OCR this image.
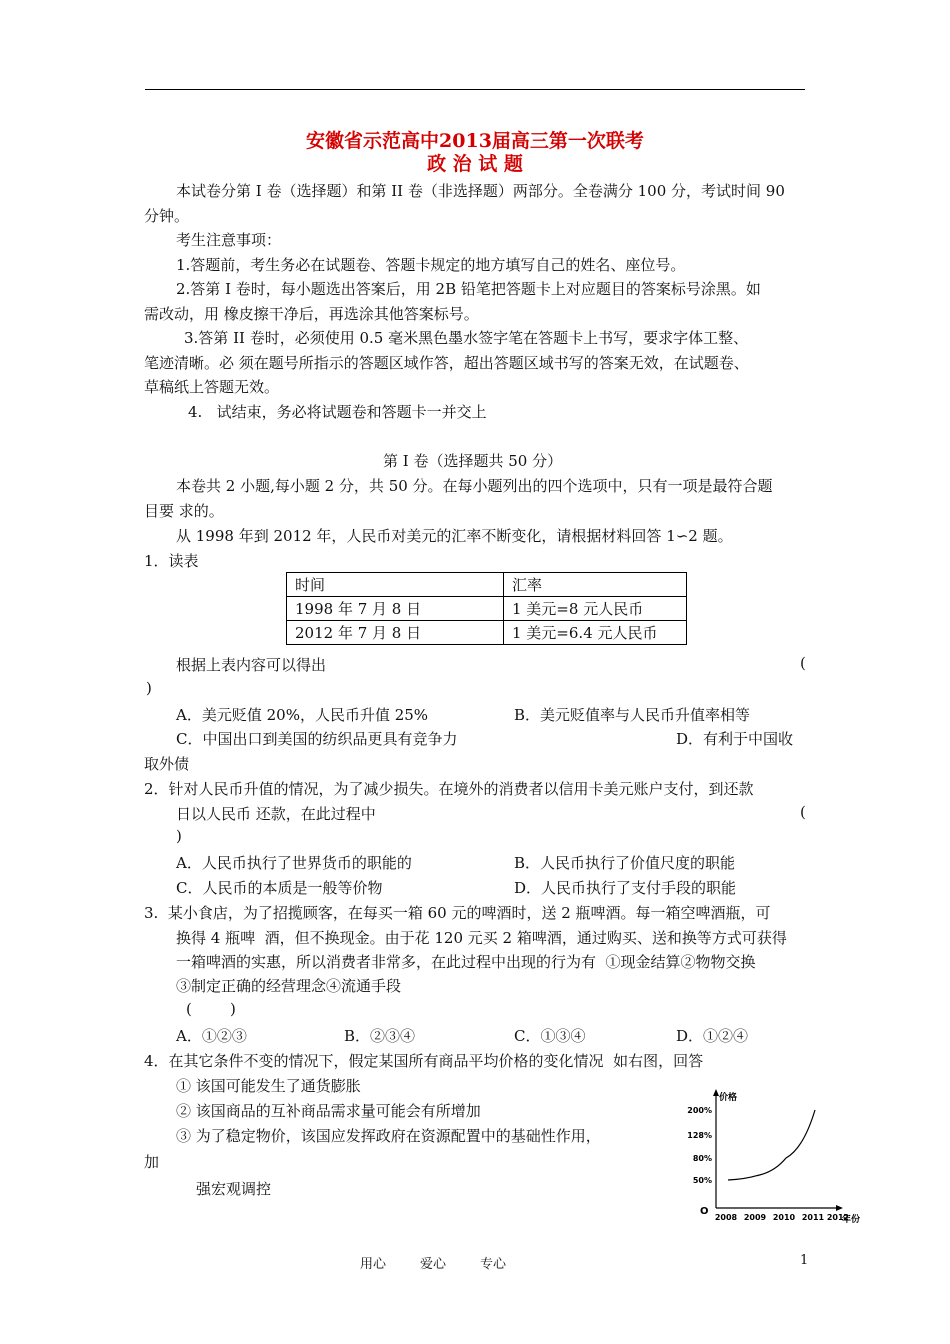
安徽省示范高中2013届高三第一次联考
政 治 试 题
本试卷分第 I 卷（选择题）和第 II 卷（非选择题）两部分。全卷满分 100 分，考试时间 90
分钟。
考生注意事项：
1.答题前，考生务必在试题卷、答题卡规定的地方填写自己的姓名、座位号。
2.答第 I 卷时，每小题选出答案后，用 2B 铅笔把答题卡上对应题目的答案标号涂黑。如
需改动，用 橡皮擦干净后，再选涂其他答案标号。
3.答第 II 卷时，必须使用 0.5 毫米黑色墨水签字笔在答题卡上书写，要求字体工整、
笔迹清晰。必 须在题号所指示的答题区域作答，超出答题区域书写的答案无效，在试题卷、
草稿纸上答题无效。
4.   试结束，务必将试题卷和答题卡一并交上
第 I 卷（选择题共 50 分）
本卷共 2 小题,每小题 2 分，共 50 分。在每小题列出的四个选项中，只有一项是最符合题
目要 求的。
从 1998 年到 2012 年，人民币对美元的汇率不断变化，请根据材料回答 1∽2 题。
1．读表
时间	汇率
1998 年 7 月 8 日	1 美元=8 元人民币
2012 年 7 月 8 日	1 美元=6.4 元人民币
根据上表内容可以得出	(
)
A．美元贬值 20%，人民币升值 25%	B．美元贬值率与人民币升值率相等
C．中国出口到美国的纺织品更具有竞争力	D．有利于中国收
取外债
2．针对人民币升值的情况，为了减少损失。在境外的消费者以信用卡美元账户支付，到还款
日以人民币 还款，在此过程中	(
)
A．人民币执行了世界货币的职能的	B．人民币执行了价值尺度的职能
C．人民币的本质是一般等价物	D．人民币执行了支付手段的职能
3.  某小食店，为了招揽顾客，在每买一箱 60 元的啤酒时，送 2 瓶啤酒。每一箱空啤酒瓶，可
换得 4 瓶啤  酒，但不换现金。由于花 120 元买 2 箱啤酒，通过购买、送和换等方式可获得
一箱啤酒的实惠，所以消费者非常多，在此过程中出现的行为有  ①现金结算②物物交换
③制定正确的经营理念④流通手段
(        )
A．①②③	B．②③④	C．①③④	D．①②④
4．在其它条件不变的情况下，假定某国所有商品平均价格的变化情况  如右图，回答
① 该国可能发生了通货膨胀
② 该国商品的互补商品需求量可能会有所增加
③ 为了稳定物价，该国应发挥政府在资源配置中的基础性作用，
加
强宏观调控
价格
年份
O
50%
80%
128%
200%
2008 2009 2010 2011 2012
用心	爱心	专心	1
